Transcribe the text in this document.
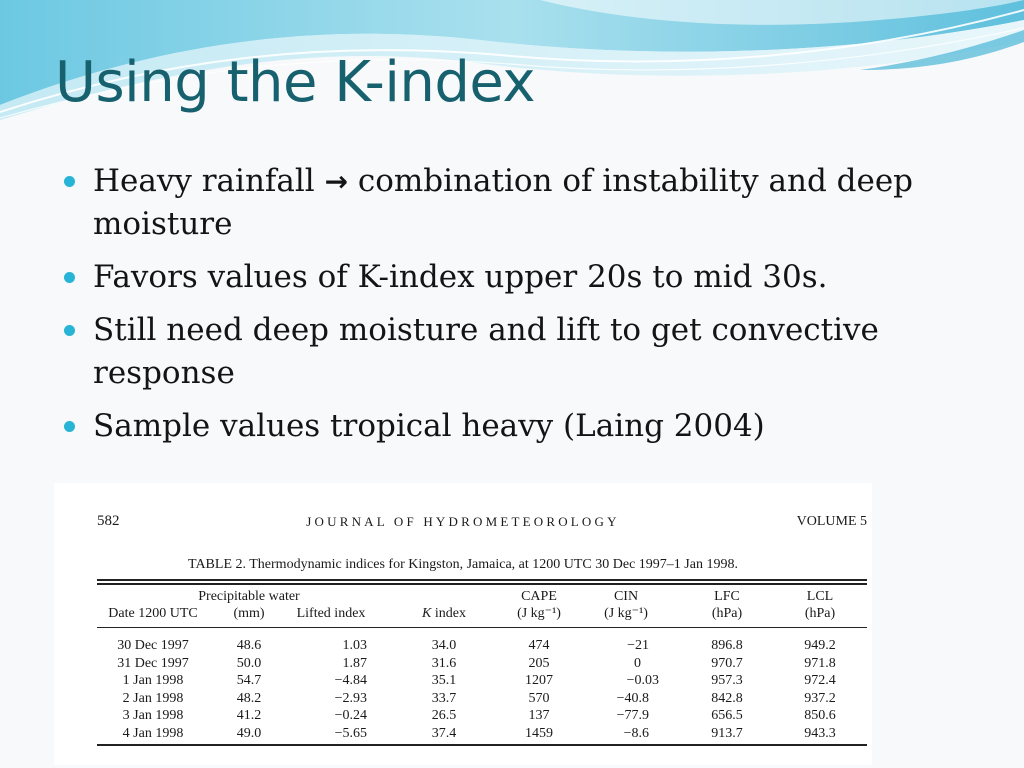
Using the K-index
Heavy rainfall → combination of instability and deep moisture
Favors values of K-index upper 20s to mid 30s.
Still need deep moisture and lift to get convective response
Sample values tropical heavy (Laing 2004)
582	JOURNAL OF HYDROMETEOROLOGY	VOLUME 5
TABLE 2. Thermodynamic indices for Kingston, Jamaica, at 1200 UTC 30 Dec 1997–1 Jan 1998.
Date 1200 UTC
30 Dec 1997
31 Dec 1997
1 Jan 1998
2 Jan 1998
3 Jan 1998
4 Jan 1998
Precipitable water
(mm)
48.6
50.0
54.7
48.2
41.2
49.0
Lifted index
1.03
1.87
−4.84
−2.93
−0.24
−5.65
K index
34.0
31.6
35.1
33.7
26.5
37.4
CAPE
(J kg⁻¹)
474
205
1207
570
137
1459
CIN
(J kg⁻¹)
−21
0
−0.03
−40.8
−77.9
−8.6
LFC
(hPa)
896.8
970.7
957.3
842.8
656.5
913.7
LCL
(hPa)
949.2
971.8
972.4
937.2
850.6
943.3
